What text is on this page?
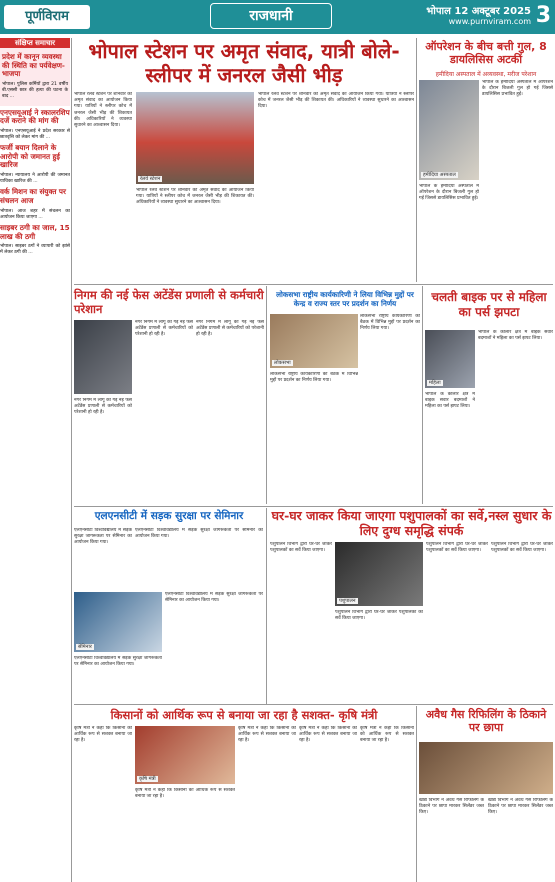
पूर्णविराम	राजधानी	भोपाल 12 अक्टूबर 2025
www.purnviram.com 3
संक्षिप्त समाचार
प्रदेश में कानून व्यवस्था की स्थिति का पर्यवेक्षण-भाजपा
भोपाल। पुलिस कर्मियों द्वारा 21 वर्षीय बी.एससी छात्र की हत्या की घटना के बाद ...
एनएसयूआई ने स्कालरशिप दर्जे कराने की मांग की
भोपाल। एनएसयूआई ने प्रदेश सरकार से छात्रवृत्ति को लेकर मांग की ...
फर्जी बयान दिलाने के आरोपी को जमानत हुई खारिज
भोपाल। न्यायालय ने आरोपी की जमानत याचिका खारिज की ...
वर्क मिशन का संयुक्त पर संचलन आज
भोपाल। आज शहर में संचलन का आयोजन किया जाएगा ...
साइबर ठगी का जाल, 15 लाख की ठगी
भोपाल। साइबर ठगों ने व्यापारी को झांसे में लेकर ठगी की ...
भोपाल स्टेशन पर अमृत संवाद, यात्री बोले- स्लीपर में जनरल जैसी भीड़
भोपाल रेलवे स्टेशन पर शनिवार को अमृत संवाद का आयोजन किया गया। यात्रियों ने स्लीपर कोच में जनरल जैसी भीड़ की शिकायत की। अधिकारियों ने व्यवस्था सुधारने का आश्वासन दिया।
रेलवे स्टेशन
भोपाल रेलवे स्टेशन पर शनिवार को अमृत संवाद का आयोजन किया गया। यात्रियों ने स्लीपर कोच में जनरल जैसी भीड़ की शिकायत की। अधिकारियों ने व्यवस्था सुधारने का आश्वासन दिया।
भोपाल रेलवे स्टेशन पर शनिवार को अमृत संवाद का आयोजन किया गया। यात्रियों ने स्लीपर कोच में जनरल जैसी भीड़ की शिकायत की। अधिकारियों ने व्यवस्था सुधारने का आश्वासन दिया।
ऑपरेशन के बीच बत्ती गुल, 8 डायलिसिस अटकीं
हमीदिया अस्पताल में अव्यवस्था, मरीज परेशान
हमीदिया अस्पताल
भोपाल के हमीदिया अस्पताल में ऑपरेशन के दौरान बिजली गुल हो गई जिससे डायलिसिस प्रभावित हुई।
भोपाल के हमीदिया अस्पताल में ऑपरेशन के दौरान बिजली गुल हो गई जिससे डायलिसिस प्रभावित हुई।
निगम की नई फेस अटेंडेंस प्रणाली से कर्मचारी परेशान
नगर निगम में लागू की गई नई फेस अटेंडेंस प्रणाली से कर्मचारियों को परेशानी हो रही है।
नगर निगम में लागू की गई नई फेस अटेंडेंस प्रणाली से कर्मचारियों को परेशानी हो रही है।
नगर निगम में लागू की गई नई फेस अटेंडेंस प्रणाली से कर्मचारियों को परेशानी हो रही है।
लोकसभा राष्ट्रीय कार्यकारिणी ने लिया विभिन्न मुद्दों पर केन्द्र व राज्य स्तर पर प्रदर्शन का निर्णय
लोकसभा
लोकसभा राष्ट्रीय कार्यकारिणी की बैठक में विभिन्न मुद्दों पर प्रदर्शन का निर्णय लिया गया।
लोकसभा राष्ट्रीय कार्यकारिणी की बैठक में विभिन्न मुद्दों पर प्रदर्शन का निर्णय लिया गया।
चलती बाइक पर से महिला का पर्स झपटा
महिला
भोपाल के कोलार क्षेत्र में बाइक सवार बदमाशों ने महिला का पर्स झपट लिया।
भोपाल के कोलार क्षेत्र में बाइक सवार बदमाशों ने महिला का पर्स झपट लिया।
एलएनसीटी में सड़क सुरक्षा पर सेमिनार
एलएनसीटी विश्वविद्यालय में सड़क सुरक्षा जागरूकता पर सेमिनार का आयोजन किया गया।
सेमिनार
एलएनसीटी विश्वविद्यालय में सड़क सुरक्षा जागरूकता पर सेमिनार का आयोजन किया गया।
एलएनसीटी विश्वविद्यालय में सड़क सुरक्षा जागरूकता पर सेमिनार का आयोजन किया गया।
एलएनसीटी विश्वविद्यालय में सड़क सुरक्षा जागरूकता पर सेमिनार का आयोजन किया गया।
घर-घर जाकर किया जाएगा पशुपालकों का सर्वे,नस्ल सुधार के लिए दुग्ध समृद्धि संपर्क
पशुपालन विभाग द्वारा घर-घर जाकर पशुपालकों का सर्वे किया जाएगा।
पशुपालन
पशुपालन विभाग द्वारा घर-घर जाकर पशुपालकों का सर्वे किया जाएगा।
पशुपालन विभाग द्वारा घर-घर जाकर पशुपालकों का सर्वे किया जाएगा।
पशुपालन विभाग द्वारा घर-घर जाकर पशुपालकों का सर्वे किया जाएगा।
किसानों को आर्थिक रूप से बनाया जा रहा है सशक्त- कृषि मंत्री
कृषि मंत्री ने कहा कि किसानों को आर्थिक रूप से सशक्त बनाया जा रहा है।
कृषि मंत्री
कृषि मंत्री ने कहा कि किसानों को आर्थिक रूप से सशक्त बनाया जा रहा है।
कृषि मंत्री ने कहा कि किसानों को आर्थिक रूप से सशक्त बनाया जा रहा है।
कृषि मंत्री ने कहा कि किसानों को आर्थिक रूप से सशक्त बनाया जा रहा है।
कृषि मंत्री ने कहा कि किसानों को आर्थिक रूप से सशक्त बनाया जा रहा है।
अवैध गैस रिफिलिंग के ठिकाने पर छापा
खाद्य विभाग ने अवैध गैस रिफिलिंग के ठिकाने पर छापा मारकर सिलेंडर जब्त किए।
खाद्य विभाग ने अवैध गैस रिफिलिंग के ठिकाने पर छापा मारकर सिलेंडर जब्त किए।
